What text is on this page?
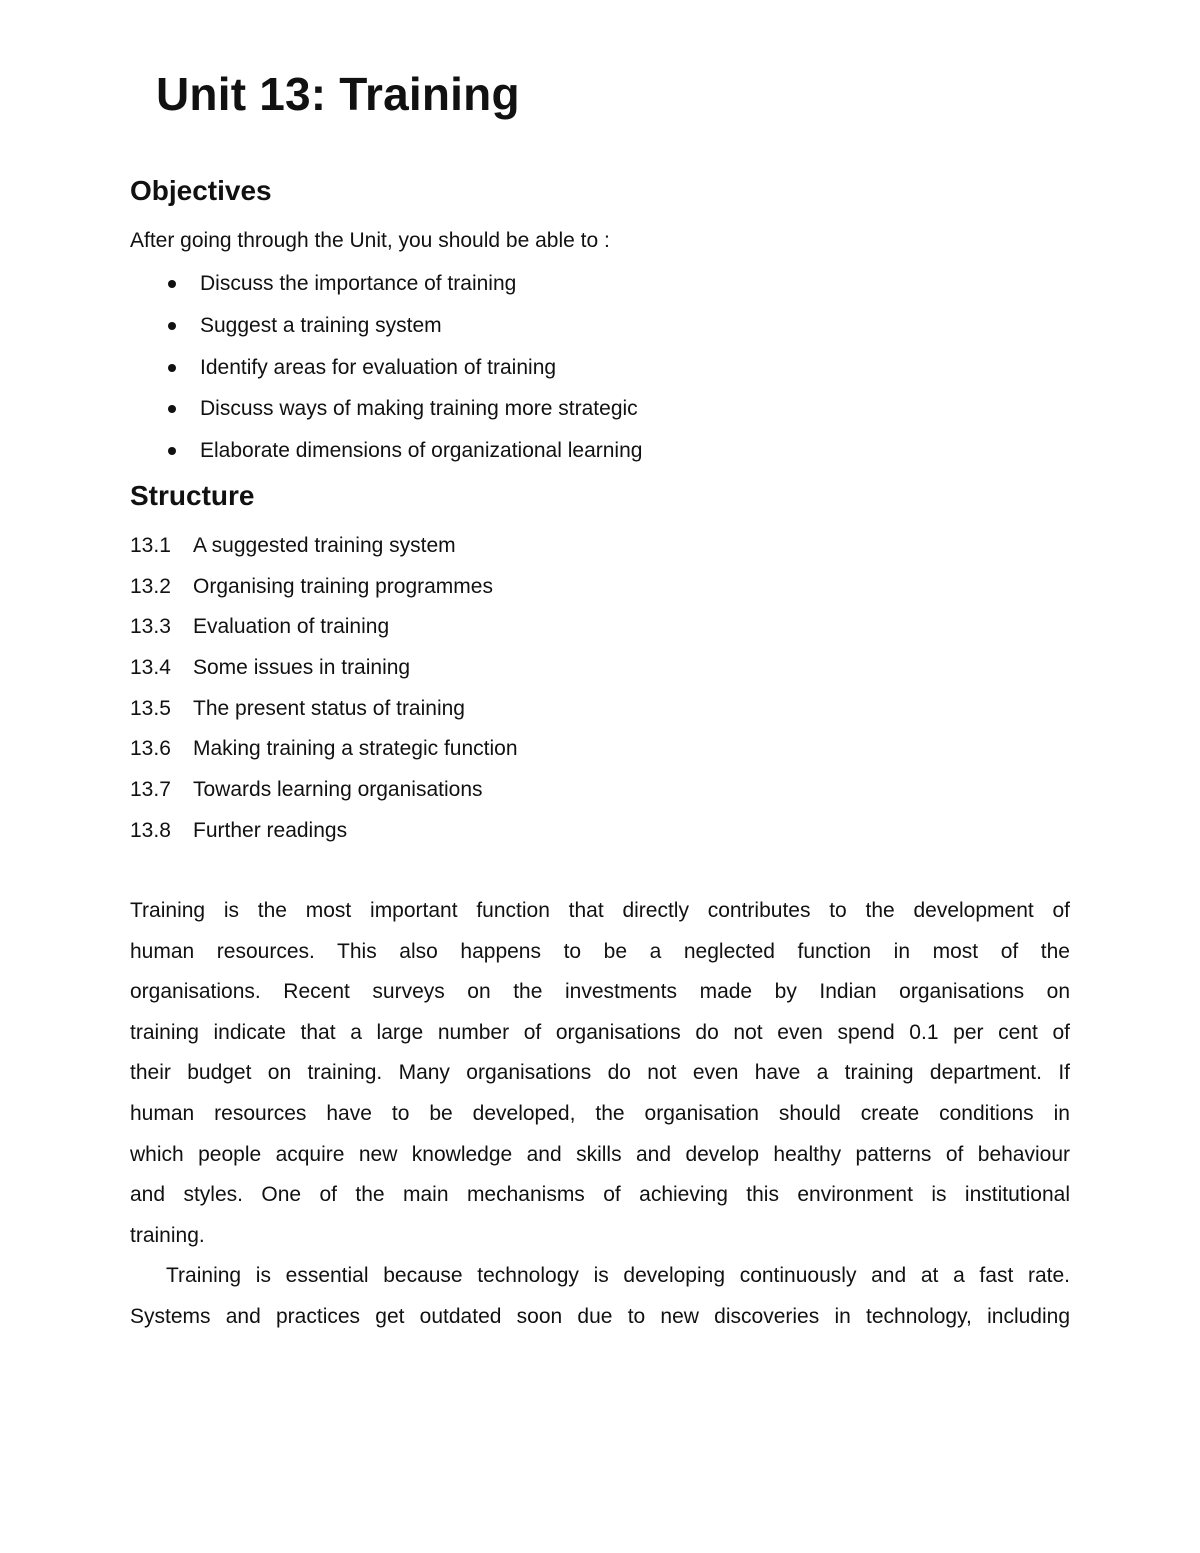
Unit 13: Training
Objectives

After going through the Unit, you should be able to :

Discuss the importance of training
Suggest a training system
Identify areas for evaluation of training
Discuss ways of making training more strategic
Elaborate dimensions of organizational learning
Structure
13.1 A suggested training system
13.2 Organising training programmes
13.3 Evaluation of training
13.4 Some issues in training
13.5 The present status of training
13.6 Making training a strategic function
13.7 Towards learning organisations
13.8 Further readings

Training is the most important function that directly contributes to the development of

human resources. This also happens to be a neglected function in most of the

organisations. Recent surveys on the investments made by Indian organisations on

training indicate that a large number of organisations do not even spend 0.1 per cent of

their budget on training. Many organisations do not even have a training department. If

human resources have to be developed, the organisation should create conditions in

which people acquire new knowledge and skills and develop healthy patterns of behaviour

and styles. One of the main mechanisms of achieving this environment is institutional

training.

Training is essential because technology is developing continuously and at a fast rate.

Systems and practices get outdated soon due to new discoveries in technology, including
